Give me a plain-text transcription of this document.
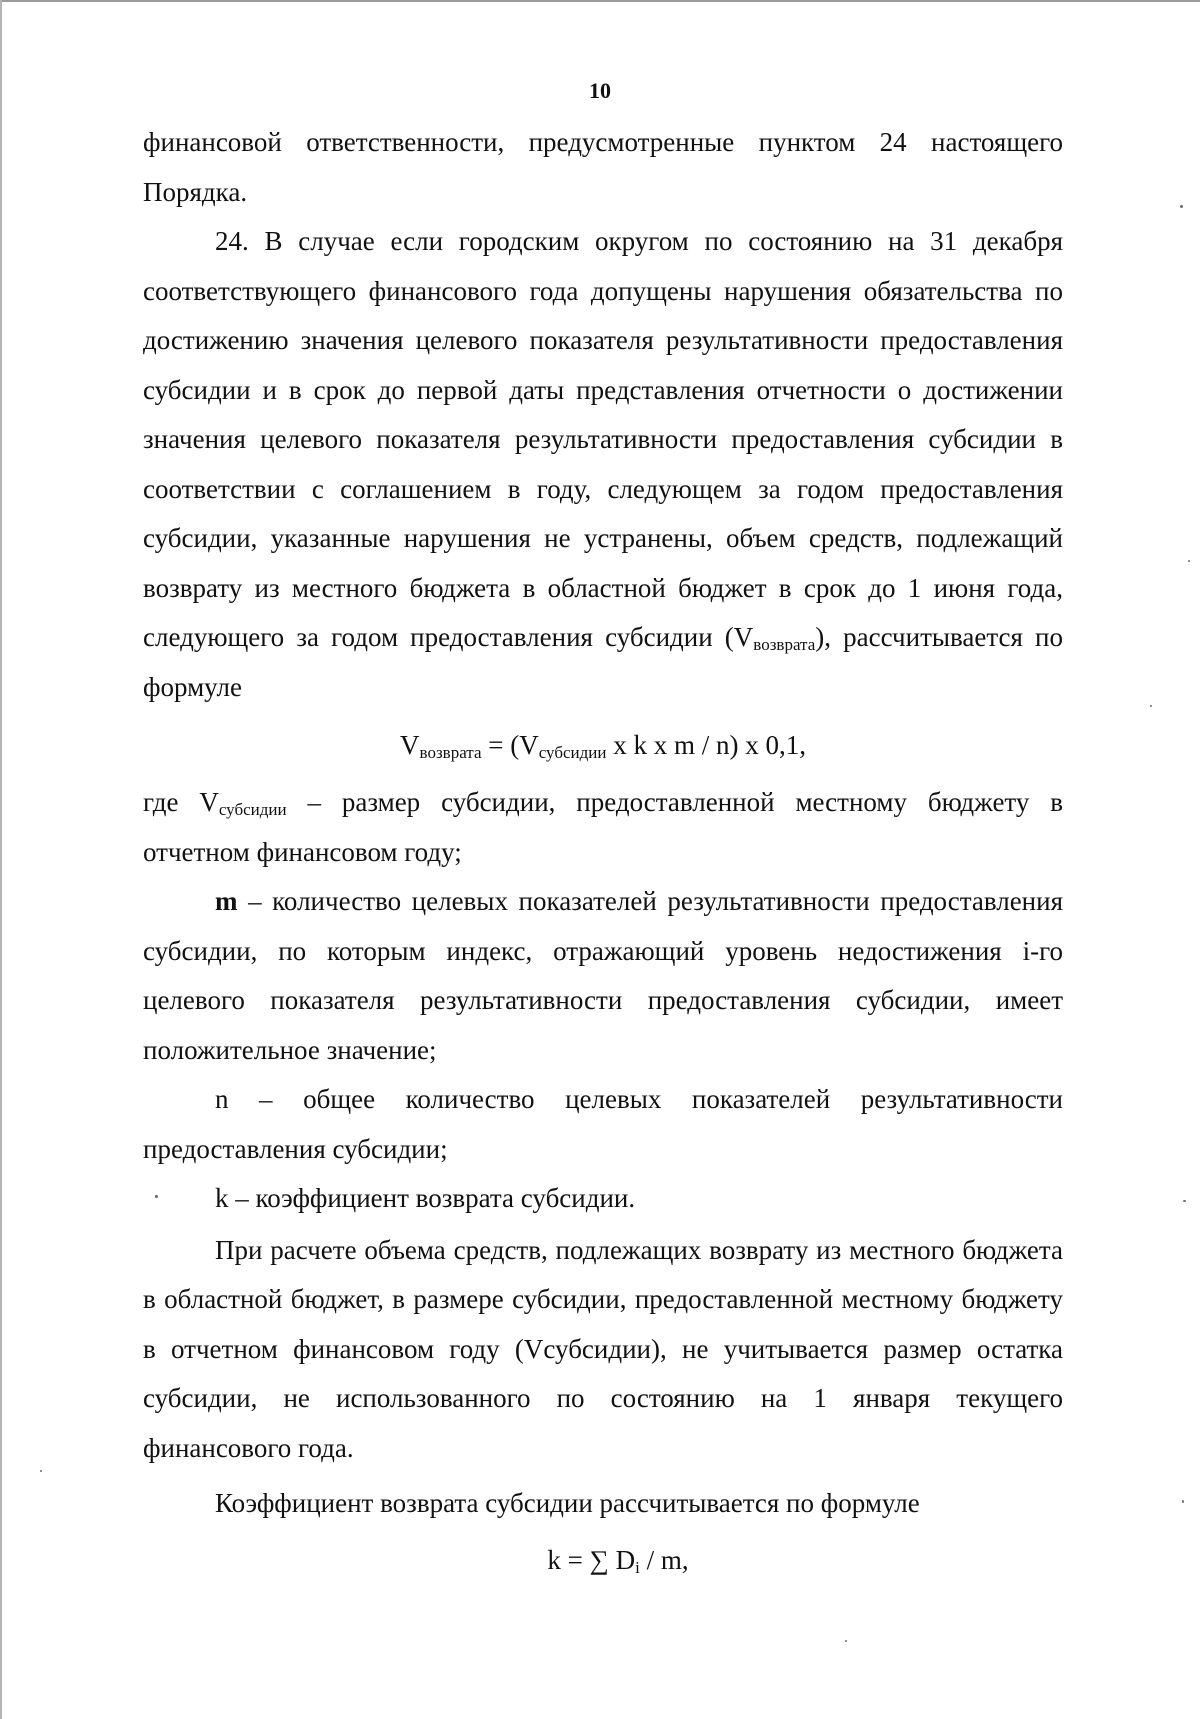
10

финансовой ответственности, предусмотренные пунктом 24 настоящего Порядка.

24. В случае если городским округом по состоянию на 31 декабря соответствующего финансового года допущены нарушения обязательства по достижению значения целевого показателя результативности предоставления субсидии и в срок до первой даты представления отчетности о достижении значения целевого показателя результативности предоставления субсидии в соответствии с соглашением в году, следующем за годом предоставления субсидии, указанные нарушения не устранены, объем средств, подлежащий возврату из местного бюджета в областной бюджет в срок до 1 июня года, следующего за годом предоставления субсидии $(V_{возврата})$, рассчитывается по формуле

$V_{возврата} = (V_{субсидии}$ x k x m / n) x 0,1,

где $V_{субсидии}$ – размер субсидии, предоставленной местному бюджету в отчетном финансовом году;

m – количество целевых показателей результативности предоставления субсидии, по которым индекс, отражающий уровень недостижения i-го целевого показателя результативности предоставления субсидии, имеет положительное значение;

n – общее количество целевых показателей результативности предоставления субсидии;

k – коэффициент возврата субсидии.

При расчете объема средств, подлежащих возврату из местного бюджета в областной бюджет, в размере субсидии, предоставленной местному бюджету в отчетном финансовом году (Vсубсидии), не учитывается размер остатка субсидии, не использованного по состоянию на 1 января текущего финансового года.

Коэффициент возврата субсидии рассчитывается по формуле

k = ∑ $D_i$ / m,
